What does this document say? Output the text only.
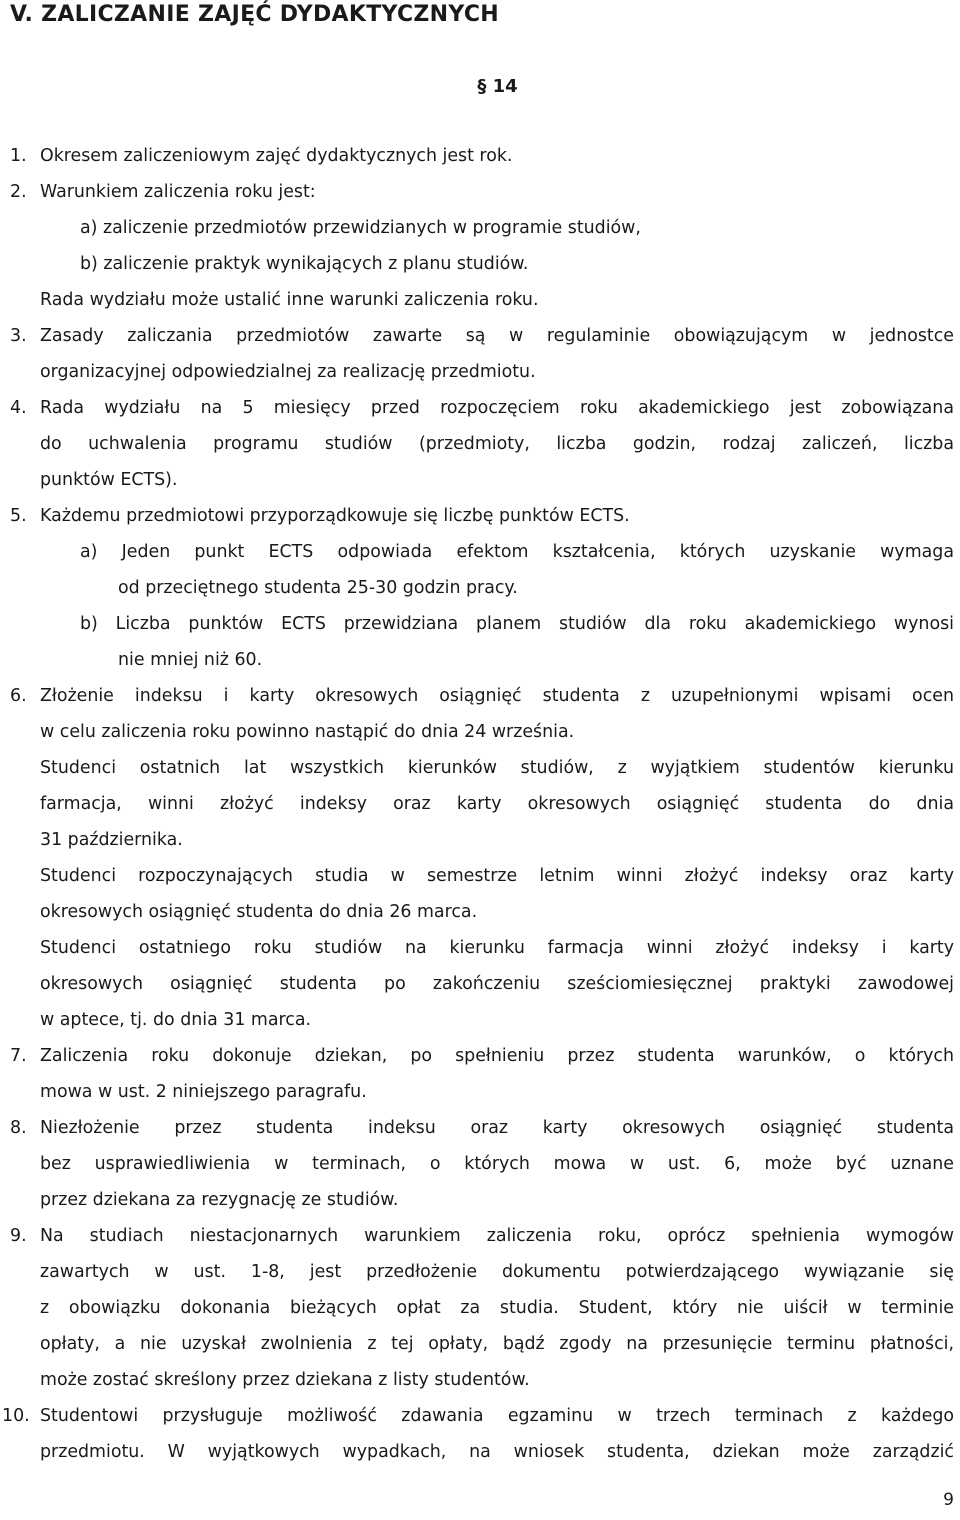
V. ZALICZANIE ZAJĘĆ DYDAKTYCZNYCH
§ 14
1. Okresem zaliczeniowym zajęć dydaktycznych jest rok.
2. Warunkiem zaliczenia roku jest:
a) zaliczenie przedmiotów przewidzianych w programie studiów,
b) zaliczenie praktyk wynikających z planu studiów.
Rada wydziału może ustalić inne warunki zaliczenia roku.
3. Zasady zaliczania przedmiotów zawarte są w regulaminie obowiązującym w jednostce
organizacyjnej odpowiedzialnej za realizację przedmiotu.
4. Rada wydziału na 5 miesięcy przed rozpoczęciem roku akademickiego jest zobowiązana
do uchwalenia programu studiów (przedmioty, liczba godzin, rodzaj zaliczeń, liczba
punktów ECTS).
5. Każdemu przedmiotowi przyporządkowuje się liczbę punktów ECTS.
a) Jeden punkt ECTS odpowiada efektom kształcenia, których uzyskanie wymaga
od przeciętnego studenta 25-30 godzin pracy.
b) Liczba punktów ECTS przewidziana planem studiów dla roku akademickiego wynosi
nie mniej niż 60.
6. Złożenie indeksu i karty okresowych osiągnięć studenta z uzupełnionymi wpisami ocen
w celu zaliczenia roku powinno nastąpić do dnia 24 września.
Studenci ostatnich lat wszystkich kierunków studiów, z wyjątkiem studentów kierunku
farmacja, winni złożyć indeksy oraz karty okresowych osiągnięć studenta do dnia
31 października.
Studenci rozpoczynających studia w semestrze letnim winni złożyć indeksy oraz karty
okresowych osiągnięć studenta do dnia 26 marca.
Studenci ostatniego roku studiów na kierunku farmacja winni złożyć indeksy i karty
okresowych osiągnięć studenta po zakończeniu sześciomiesięcznej praktyki zawodowej
w aptece, tj. do dnia 31 marca.
7. Zaliczenia roku dokonuje dziekan, po spełnieniu przez studenta warunków, o których
mowa w ust. 2 niniejszego paragrafu.
8. Niezłożenie przez studenta indeksu oraz karty okresowych osiągnięć studenta
bez usprawiedliwienia w terminach, o których mowa w ust. 6, może być uznane
przez dziekana za rezygnację ze studiów.
9. Na studiach niestacjonarnych warunkiem zaliczenia roku, oprócz spełnienia wymogów
zawartych w ust. 1-8, jest przedłożenie dokumentu potwierdzającego wywiązanie się
z obowiązku dokonania bieżących opłat za studia. Student, który nie uiścił w terminie
opłaty, a nie uzyskał zwolnienia z tej opłaty, bądź zgody na przesunięcie terminu płatności,
może zostać skreślony przez dziekana z listy studentów.
10. Studentowi przysługuje możliwość zdawania egzaminu w trzech terminach z każdego
przedmiotu. W wyjątkowych wypadkach, na wniosek studenta, dziekan może zarządzić
9
